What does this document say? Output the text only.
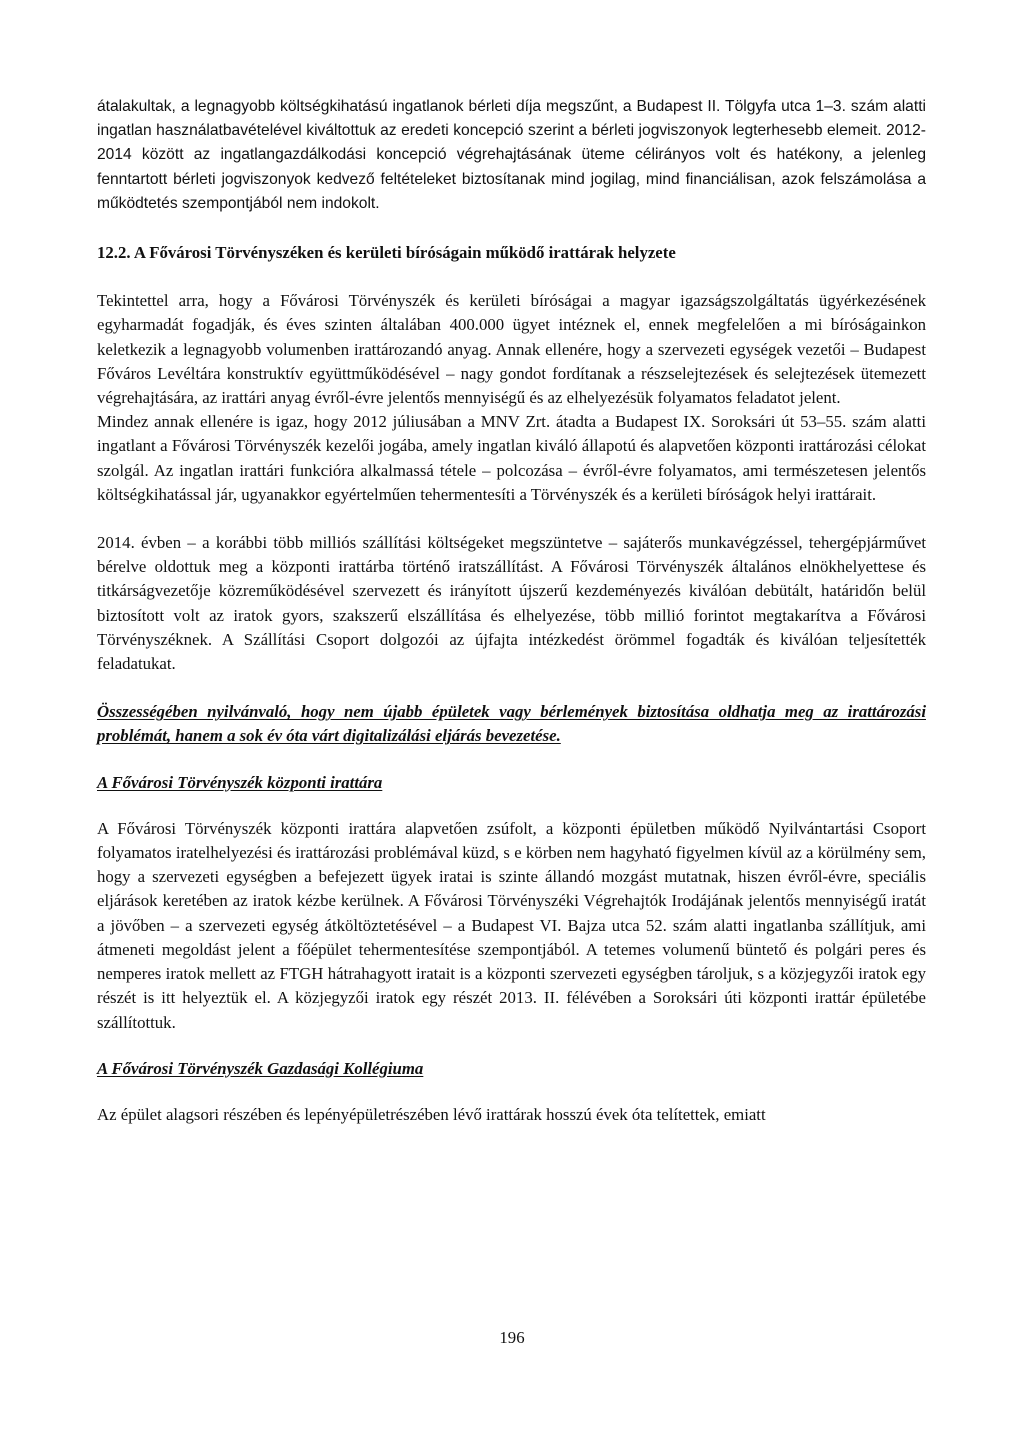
átalakultak, a legnagyobb költségkihatású ingatlanok bérleti díja megszűnt, a Budapest II. Tölgyfa utca 1–3. szám alatti ingatlan használatbavételével kiváltottuk az eredeti koncepció szerint a bérleti jogviszonyok legterhesebb elemeit. 2012-2014 között az ingatlangazdálkodási koncepció végrehajtásának üteme célirányos volt és hatékony, a jelenleg fenntartott bérleti jogviszonyok kedvező feltételeket biztosítanak mind jogilag, mind financiálisan, azok felszámolása a működtetés szempontjából nem indokolt.

12.2. A Fővárosi Törvényszéken és kerületi bíróságain működő irattárak helyzete

Tekintettel arra, hogy a Fővárosi Törvényszék és kerületi bíróságai a magyar igazságszolgáltatás ügyérkezésének egyharmadát fogadják, és éves szinten általában 400.000 ügyet intéznek el, ennek megfelelően a mi bíróságainkon keletkezik a legnagyobb volumenben irattározandó anyag. Annak ellenére, hogy a szervezeti egységek vezetői – Budapest Főváros Levéltára konstruktív együttműködésével – nagy gondot fordítanak a részselejtezések és selejtezések ütemezett végrehajtására, az irattári anyag évről-évre jelentős mennyiségű és az elhelyezésük folyamatos feladatot jelent.

Mindez annak ellenére is igaz, hogy 2012 júliusában a MNV Zrt. átadta a Budapest IX. Soroksári út 53–55. szám alatti ingatlant a Fővárosi Törvényszék kezelői jogába, amely ingatlan kiváló állapotú és alapvetően központi irattározási célokat szolgál. Az ingatlan irattári funkcióra alkalmassá tétele – polcozása – évről-évre folyamatos, ami természetesen jelentős költségkihatással jár, ugyanakkor egyértelműen tehermentesíti a Törvényszék és a kerületi bíróságok helyi irattárait.

2014. évben – a korábbi több milliós szállítási költségeket megszüntetve – sajáterős munkavégzéssel, tehergépjárművet bérelve oldottuk meg a központi irattárba történő iratszállítást. A Fővárosi Törvényszék általános elnökhelyettese és titkárságvezetője közreműködésével szervezett és irányított újszerű kezdeményezés kiválóan debütált, határidőn belül biztosított volt az iratok gyors, szakszerű elszállítása és elhelyezése, több millió forintot megtakarítva a Fővárosi Törvényszéknek. A Szállítási Csoport dolgozói az újfajta intézkedést örömmel fogadták és kiválóan teljesítették feladatukat.

Összességében nyilvánvaló, hogy nem újabb épületek vagy bérlemények biztosítása oldhatja meg az irattározási problémát, hanem a sok év óta várt digitalizálási eljárás bevezetése.

A Fővárosi Törvényszék központi irattára

A Fővárosi Törvényszék központi irattára alapvetően zsúfolt, a központi épületben működő Nyilvántartási Csoport folyamatos iratelhelyezési és irattározási problémával küzd, s e körben nem hagyható figyelmen kívül az a körülmény sem, hogy a szervezeti egységben a befejezett ügyek iratai is szinte állandó mozgást mutatnak, hiszen évről-évre, speciális eljárások keretében az iratok kézbe kerülnek. A Fővárosi Törvényszéki Végrehajtók Irodájának jelentős mennyiségű iratát a jövőben – a szervezeti egység átköltöztetésével – a Budapest VI. Bajza utca 52. szám alatti ingatlanba szállítjuk, ami átmeneti megoldást jelent a főépület tehermentesítése szempontjából. A tetemes volumenű büntető és polgári peres és nemperes iratok mellett az FTGH hátrahagyott iratait is a központi szervezeti egységben tároljuk, s a közjegyzői iratok egy részét is itt helyeztük el. A közjegyzői iratok egy részét 2013. II. félévében a Soroksári úti központi irattár épületébe szállítottuk.

A Fővárosi Törvényszék Gazdasági Kollégiuma

Az épület alagsori részében és lepényépületrészében lévő irattárak hosszú évek óta telítettek, emiatt

196
